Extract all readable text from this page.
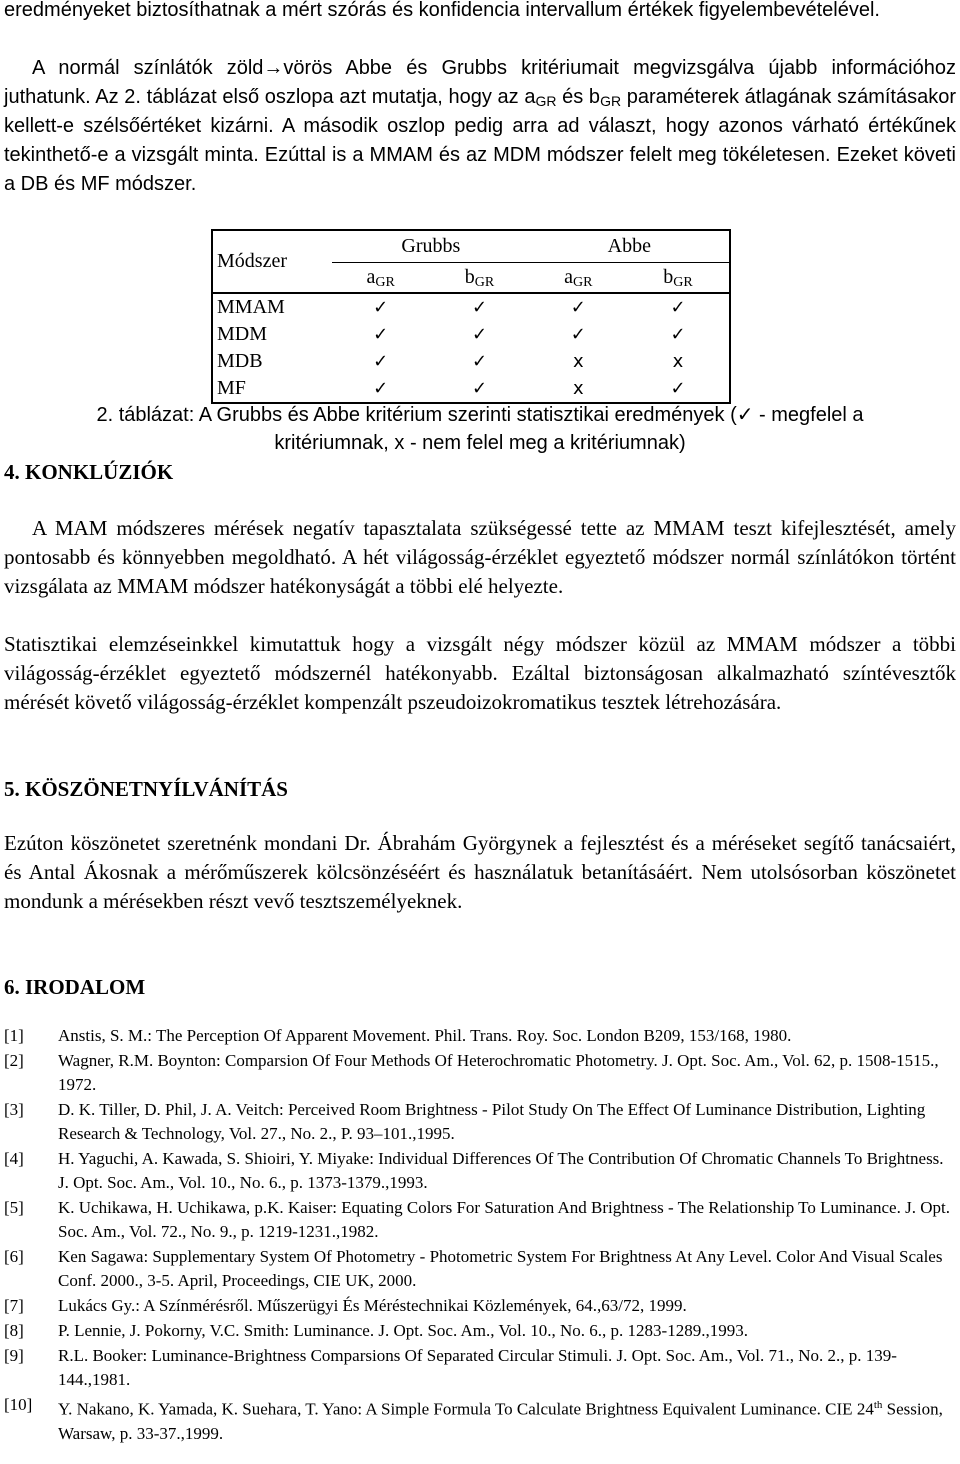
eredményeket biztosíthatnak a mért szórás és konfidencia intervallum értékek figyelembevételével.

A normál színlátók zöld→vörös Abbe és Grubbs kritériumait megvizsgálva újabb információhoz juthatunk. Az 2. táblázat első oszlopa azt mutatja, hogy az $a_{GR}$ és $b_{GR}$ paraméterek átlagának számításakor kellett-e szélsőértéket kizárni. A második oszlop pedig arra ad választ, hogy azonos várható értékűnek tekinthető-e a vizsgált minta. Ezúttal is a MMAM és az MDM módszer felelt meg tökéletesen. Ezeket követi a DB és MF módszer.

Módszer	Grubbs		Abbe	
	$a_{GR}$	$b_{GR}$	$a_{GR}$	$b_{GR}$
MMAM	✓	✓	✓	✓
MDM	✓	✓	✓	✓
MDB	✓	✓	x	x
MF	✓	✓	x	✓

2. táblázat: A Grubbs és Abbe kritérium szerinti statisztikai eredmények (✓ - megfelel a
kritériumnak, x - nem felel meg a kritériumnak)

4. KONKLÚZIÓK

A MAM módszeres mérések negatív tapasztalata szükségessé tette az MMAM teszt kifejlesztését, amely pontosabb és könnyebben megoldható. A hét világosság-érzéklet egyeztető módszer normál színlátókon történt vizsgálata az MMAM módszer hatékonyságát a többi elé helyezte.

Statisztikai elemzéseinkkel kimutattuk hogy a vizsgált négy módszer közül az MMAM módszer a többi világosság-érzéklet egyeztető módszernél hatékonyabb. Ezáltal biztonságosan alkalmazható színtévesztők mérését követő világosság-érzéklet kompenzált pszeudoizokromatikus tesztek létrehozására.

5. KÖSZÖNETNYÍLVÁNÍTÁS

Ezúton köszönetet szeretnénk mondani Dr. Ábrahám Györgynek a fejlesztést és a méréseket segítő tanácsaiért, és Antal Ákosnak a mérőműszerek kölcsönzéséért és használatuk betanításáért. Nem utolsósorban köszönetet mondunk a mérésekben részt vevő tesztszemélyeknek.

6. IRODALOM
[1]	Anstis, S. M.: The Perception Of Apparent Movement. Phil. Trans. Roy. Soc. London B209, 153/168, 1980.
[2]	Wagner, R.M. Boynton: Comparsion Of Four Methods Of Heterochromatic Photometry. J. Opt. Soc. Am., Vol. 62, p. 1508-1515., 1972.
[3]	D. K. Tiller, D. Phil, J. A. Veitch: Perceived Room Brightness - Pilot Study On The Effect Of Luminance Distribution, Lighting Research & Technology, Vol. 27., No. 2., P. 93–101.,1995.
[4]	H. Yaguchi, A. Kawada, S. Shioiri, Y. Miyake: Individual Differences Of The Contribution Of Chromatic Channels To Brightness. J. Opt. Soc. Am., Vol. 10., No. 6., p. 1373-1379.,1993.
[5]	K. Uchikawa, H. Uchikawa, p.K. Kaiser: Equating Colors For Saturation And Brightness - The Relationship To Luminance. J. Opt. Soc. Am., Vol. 72., No. 9., p. 1219-1231.,1982.
[6]	Ken Sagawa: Supplementary System Of Photometry - Photometric System For Brightness At Any Level. Color And Visual Scales Conf. 2000., 3-5. April, Proceedings, CIE UK, 2000.
[7]	Lukács Gy.: A Színmérésről. Műszerügyi És Méréstechnikai Közlemények, 64.,63/72, 1999.
[8]	P. Lennie, J. Pokorny, V.C. Smith: Luminance. J. Opt. Soc. Am., Vol. 10., No. 6., p. 1283-1289.,1993.
[9]	R.L. Booker: Luminance-Brightness Comparsions Of Separated Circular Stimuli. J. Opt. Soc. Am., Vol. 71., No. 2., p. 139-144.,1981.
[10]	Y. Nakano, K. Yamada, K. Suehara, T. Yano: A Simple Formula To Calculate Brightness Equivalent Luminance. CIE 24th Session, Warsaw, p. 33-37.,1999.
